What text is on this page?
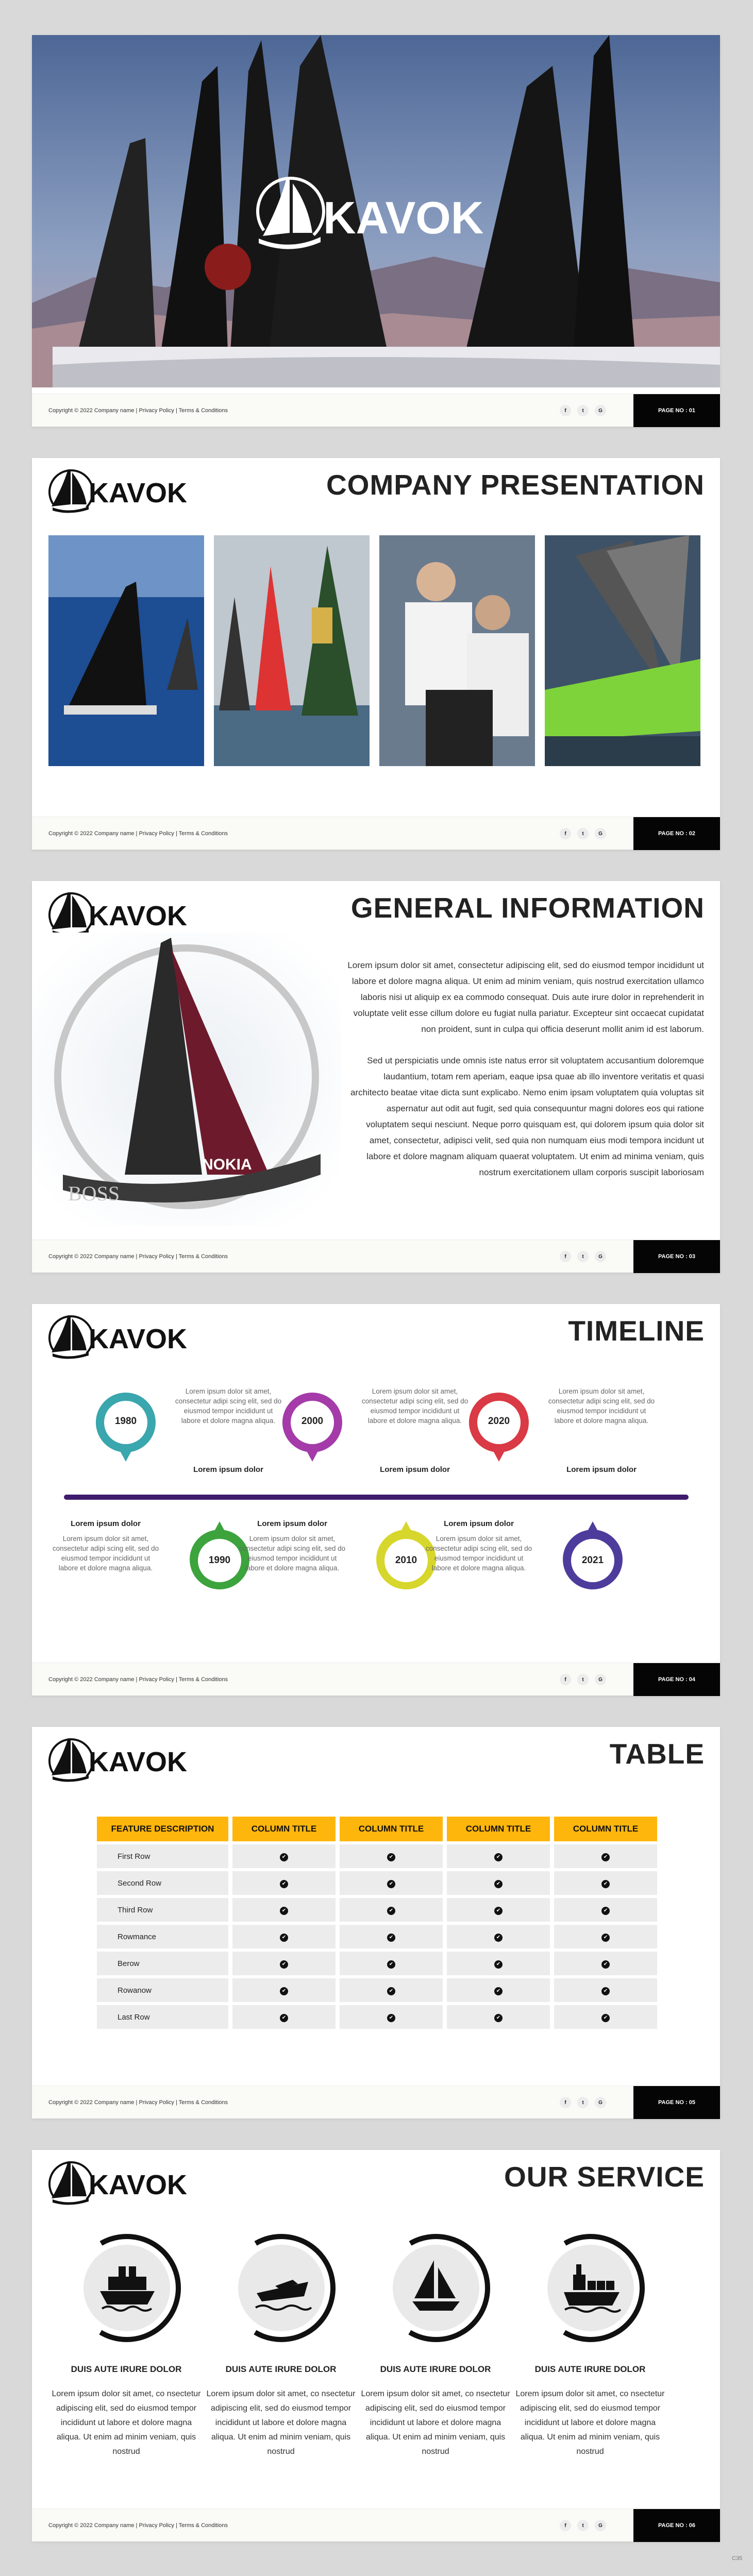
KAVOK
Copyright © 2022 Company name | Privacy Policy | Terms & Conditions	f	t	G	PAGE NO : 01
KAVOK	COMPANY PRESENTATION
Copyright © 2022 Company name | Privacy Policy | Terms & Conditions	f	t	G	PAGE NO : 02
KAVOK	GENERAL INFORMATION
NOKIA
BOSS
Lorem ipsum dolor sit amet, consectetur adipiscing elit, sed do eiusmod tempor incididunt ut labore et dolore magna aliqua. Ut enim ad minim veniam, quis nostrud exercitation ullamco laboris nisi ut aliquip ex ea commodo consequat. Duis aute irure dolor in reprehenderit in voluptate velit esse cillum dolore eu fugiat nulla pariatur. Excepteur sint occaecat cupidatat non proident, sunt in culpa qui officia deserunt mollit anim id est laborum.
Sed ut perspiciatis unde omnis iste natus error sit voluptatem accusantium doloremque laudantium, totam rem aperiam, eaque ipsa quae ab illo inventore veritatis et quasi architecto beatae vitae dicta sunt explicabo. Nemo enim ipsam voluptatem quia voluptas sit aspernatur aut odit aut fugit, sed quia consequuntur magni dolores eos qui ratione voluptatem sequi nesciunt. Neque porro quisquam est, qui dolorem ipsum quia dolor sit amet, consectetur, adipisci velit, sed quia non numquam eius modi tempora incidunt ut labore et dolore magnam aliquam quaerat voluptatem. Ut enim ad minima veniam, quis nostrum exercitationem ullam corporis suscipit laboriosam
Copyright © 2022 Company name | Privacy Policy | Terms & Conditions	f	t	G	PAGE NO : 03
KAVOK	TIMELINE
1980
Lorem ipsum dolor sit amet, consectetur adipi scing elit, sed do eiusmod tempor incididunt ut labore et dolore magna aliqua.
Lorem ipsum dolor
2000
Lorem ipsum dolor sit amet, consectetur adipi scing elit, sed do eiusmod tempor incididunt ut labore et dolore magna aliqua.
Lorem ipsum dolor
2020
Lorem ipsum dolor sit amet, consectetur adipi scing elit, sed do eiusmod tempor incididunt ut labore et dolore magna aliqua.
Lorem ipsum dolor
Lorem ipsum dolor
Lorem ipsum dolor sit amet, consectetur adipi scing elit, sed do eiusmod tempor incididunt ut labore et dolore magna aliqua.
1990
Lorem ipsum dolor
Lorem ipsum dolor sit amet, consectetur adipi scing elit, sed do eiusmod tempor incididunt ut labore et dolore magna aliqua.
2010
Lorem ipsum dolor
Lorem ipsum dolor sit amet, consectetur adipi scing elit, sed do eiusmod tempor incididunt ut labore et dolore magna aliqua.
2021
Copyright © 2022 Company name | Privacy Policy | Terms & Conditions	f	t	G	PAGE NO : 04
KAVOK	TABLE
FEATURE DESCRIPTION	COLUMN TITLE	COLUMN TITLE	COLUMN TITLE	COLUMN TITLE
First Row	✔	✔	✔	✔
Second Row	✔	✔	✔	✔
Third Row	✔	✔	✔	✔
Rowmance	✔	✔	✔	✔
Berow	✔	✔	✔	✔
Rowanow	✔	✔	✔	✔
Last Row	✔	✔	✔	✔
Copyright © 2022 Company name | Privacy Policy | Terms & Conditions	f	t	G	PAGE NO : 05
KAVOK	OUR SERVICE
DUIS AUTE IRURE DOLOR
Lorem ipsum dolor sit amet, co nsectetur adipiscing elit, sed do eiusmod tempor incididunt ut labore et dolore magna aliqua. Ut enim ad minim veniam, quis nostrud
DUIS AUTE IRURE DOLOR
Lorem ipsum dolor sit amet, co nsectetur adipiscing elit, sed do eiusmod tempor incididunt ut labore et dolore magna aliqua. Ut enim ad minim veniam, quis nostrud
DUIS AUTE IRURE DOLOR
Lorem ipsum dolor sit amet, co nsectetur adipiscing elit, sed do eiusmod tempor incididunt ut labore et dolore magna aliqua. Ut enim ad minim veniam, quis nostrud
DUIS AUTE IRURE DOLOR
Lorem ipsum dolor sit amet, co nsectetur adipiscing elit, sed do eiusmod tempor incididunt ut labore et dolore magna aliqua. Ut enim ad minim veniam, quis nostrud
Copyright © 2022 Company name | Privacy Policy | Terms & Conditions	f	t	G	PAGE NO : 06
C35
